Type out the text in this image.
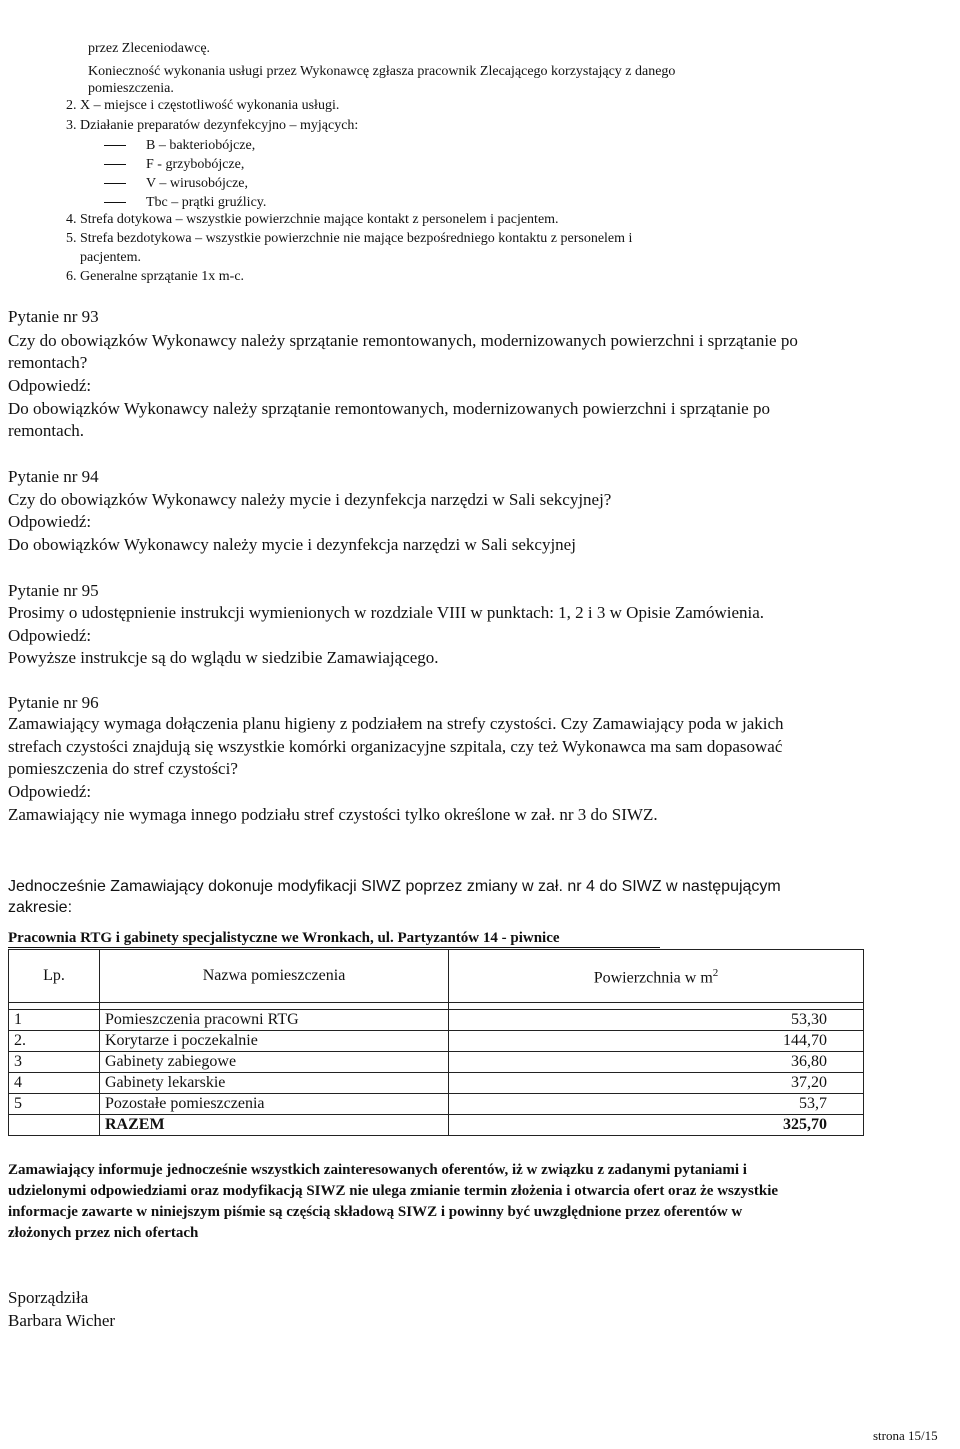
przez Zleceniodawcę.
Konieczność wykonania usługi przez Wykonawcę zgłasza pracownik Zlecającego korzystający z danego
pomieszczenia.
2. X – miejsce i częstotliwość wykonania usługi.
3. Działanie preparatów dezynfekcyjno – myjących:
B – bakteriobójcze,
F - grzybobójcze,
V – wirusobójcze,
Tbc – prątki gruźlicy.
4. Strefa dotykowa – wszystkie powierzchnie mające kontakt z personelem i pacjentem.
5. Strefa bezdotykowa – wszystkie powierzchnie nie mające bezpośredniego kontaktu z personelem i
pacjentem.
6. Generalne sprzątanie 1x m-c.
Pytanie nr 93
Czy do obowiązków Wykonawcy należy sprzątanie remontowanych, modernizowanych powierzchni i sprzątanie po
remontach?
Odpowiedź:
Do obowiązków Wykonawcy należy sprzątanie remontowanych, modernizowanych powierzchni i sprzątanie po
remontach.
Pytanie nr 94
Czy do obowiązków Wykonawcy należy mycie i dezynfekcja narzędzi w Sali sekcyjnej?
Odpowiedź:
Do obowiązków Wykonawcy należy mycie i dezynfekcja narzędzi w Sali sekcyjnej
Pytanie nr 95
Prosimy o udostępnienie instrukcji wymienionych w rozdziale VIII w punktach: 1, 2 i 3 w Opisie Zamówienia.
Odpowiedź:
Powyższe instrukcje są do wglądu w siedzibie Zamawiającego.
Pytanie nr 96
Zamawiający wymaga dołączenia planu higieny z podziałem na strefy czystości. Czy Zamawiający poda w jakich
strefach czystości znajdują się wszystkie komórki organizacyjne szpitala, czy też Wykonawca ma sam dopasować
pomieszczenia do stref czystości?
Odpowiedź:
Zamawiający nie wymaga innego podziału stref czystości tylko określone w zał. nr 3 do SIWZ.
Jednocześnie Zamawiający dokonuje modyfikacji SIWZ poprzez zmiany w zał. nr 4 do SIWZ w następującym
zakresie:
Pracownia RTG i gabinety specjalistyczne we Wronkach, ul. Partyzantów 14 - piwnice
Lp.	Nazwa pomieszczenia	Powierzchnia w $m^2$

1	Pomieszczenia pracowni RTG	53,30
2.	Korytarze i poczekalnie	144,70
3	Gabinety zabiegowe	36,80
4	Gabinety lekarskie	37,20
5	Pozostałe pomieszczenia	53,7
	RAZEM	325,70
Zamawiający informuje jednocześnie wszystkich zainteresowanych oferentów, iż w związku z zadanymi pytaniami i
udzielonymi odpowiedziami oraz modyfikacją SIWZ nie ulega zmianie termin złożenia i otwarcia ofert oraz że wszystkie
informacje zawarte w niniejszym piśmie są częścią składową SIWZ i powinny być uwzględnione przez oferentów w
złożonych przez nich ofertach
Sporządziła
Barbara Wicher
strona 15/15
